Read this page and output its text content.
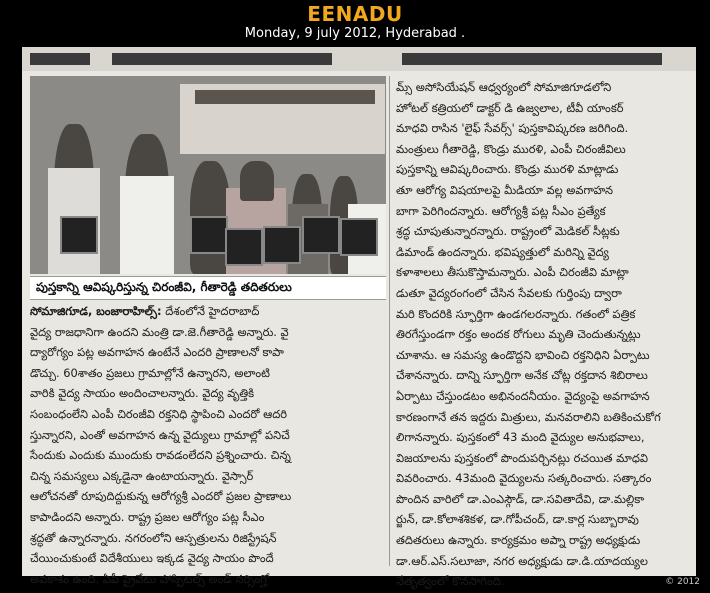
EENADU
Monday, 9 july 2012, Hyderabad .
పుస్తకాన్ని ఆవిష్కరిస్తున్న చిరంజీవి, గీతారెడ్డి తదితరులు
మ్స్ అసోసియేషన్ ఆధ్వర్యంలో సోమాజిగూడలోని
హోటల్ కత్రియలో డాక్టర్ డి ఉజ్వలాల, టీవీ యాంకర్
మాధవి రాసిన 'లైఫ్ సేవర్స్' పుస్తకావిష్కరణ జరిగింది.
మంత్రులు గీతారెడ్డి, కొండ్రు మురళి, ఎంపీ చిరంజీవిలు
పుస్తకాన్ని ఆవిష్కరించారు. కొండ్రు మురళి మాట్లాడు
తూ ఆరోగ్య విషయాలపై మీడియా వల్ల అవగాహన
బాగా పెరిగిందన్నారు. ఆరోగ్యశ్రీ పట్ల సీఎం ప్రత్యేక
శ్రద్ధ చూపుతున్నారన్నారు. రాష్ట్రంలో మెడికల్ సీట్లకు
డిమాండ్ ఉందన్నారు. భవిష్యత్తులో మరిన్ని వైద్య
కళాశాలలు తీసుకొస్తామన్నారు. ఎంపీ చిరంజీవి మాట్లా
డుతూ వైద్యరంగంలో చేసిన సేవలకు గుర్తింపు ద్వారా
మరి కొందరికి స్ఫూర్తిగా ఉండగలరన్నారు. గతంలో పత్రిక
తిరగేస్తుండగా రక్తం అందక రోగులు మృతి చెందుతున్నట్లు
చూశాను. ఆ సమస్య ఉండొద్దని భావించి రక్తనిధిని ఏర్పాటు
చేశానన్నారు. దాన్ని స్ఫూర్తిగా అనేక చోట్ల రక్తదాన శిబిరాలు
ఏర్పాటు చేస్తుండటం అభినందనీయం. వైద్యంపై అవగాహన
కారణంగానే తన ఇద్దరు మిత్రులు, మనవరాలిని బతికించుకోగ
లిగానన్నారు. పుస్తకంలో 43 మంది వైద్యుల అనుభవాలు,
విజయాలను పుస్తకంలో పొందుపర్చినట్లు రచయిత మాధవి
వివరించారు. 43మంది వైద్యులను సత్కరించారు. సత్కారం
పొందిన వారిలో డా.ఎంఎస్గౌడ్, డా.సవితాదేవి, డా.మల్లికా
ర్జున్, డా.కోలాశశికళ, డా.గోపీచంద్, డా.కార్ల సుబ్బారావు
తదితరులు ఉన్నారు. కార్యక్రమం అప్నా రాష్ట్ర అధ్యక్షుడు
డా.ఆర్.ఎస్.సలూజా, నగర అధ్యక్షుడు డా.డి.యాదయ్యల
నేతృత్వంలో కొనసాగింది.
సోమాజిగూడ, బంజారాహిల్స్: దేశంలోనే హైదరాబాద్
వైద్య రాజధానిగా ఉందని మంత్రి డా.జె.గీతారెడ్డి అన్నారు. వై
ద్యారోగ్యం పట్ల అవగాహన ఉంటేనే ఎందరి ప్రాణాలనో కాపా
డొచ్చు. 60శాతం ప్రజలు గ్రామాల్లోనే ఉన్నారని, అలాంటి
వారికి వైద్య సాయం అందించాలన్నారు. వైద్య వృత్తికి
సంబంధంలేని ఎంపీ చిరంజీవి రక్తనిధి స్థాపించి ఎందరో ఆదరి
స్తున్నారని, ఎంతో అవగాహన ఉన్న వైద్యులు గ్రామాల్లో పనిచే
సేందుకు ఎందుకు ముందుకు రావడంలేదని ప్రశ్నించారు. చిన్న
చిన్న సమస్యలు ఎక్కడైనా ఉంటాయన్నారు. వైస్సార్
ఆలోచనతో రూపుదిద్దుకున్న ఆరోగ్యశ్రీ ఎందరో ప్రజల ప్రాణాలు
కాపాడిందని అన్నారు. రాష్ట్ర ప్రజల ఆరోగ్యం పట్ల సీఎం
శ్రద్ధతో ఉన్నారన్నారు. నగరంలోని ఆస్పత్రులను రిజిస్ట్రేషన్
చేయించుకుంటే విదేశీయులు ఇక్కడ వైద్య సాయం పొందే
అవకాశం ఉంది. ఏపీ ప్రైవేటు హాస్పిటల్స్ అండ్ నర్సింగ్హో	© 2012
